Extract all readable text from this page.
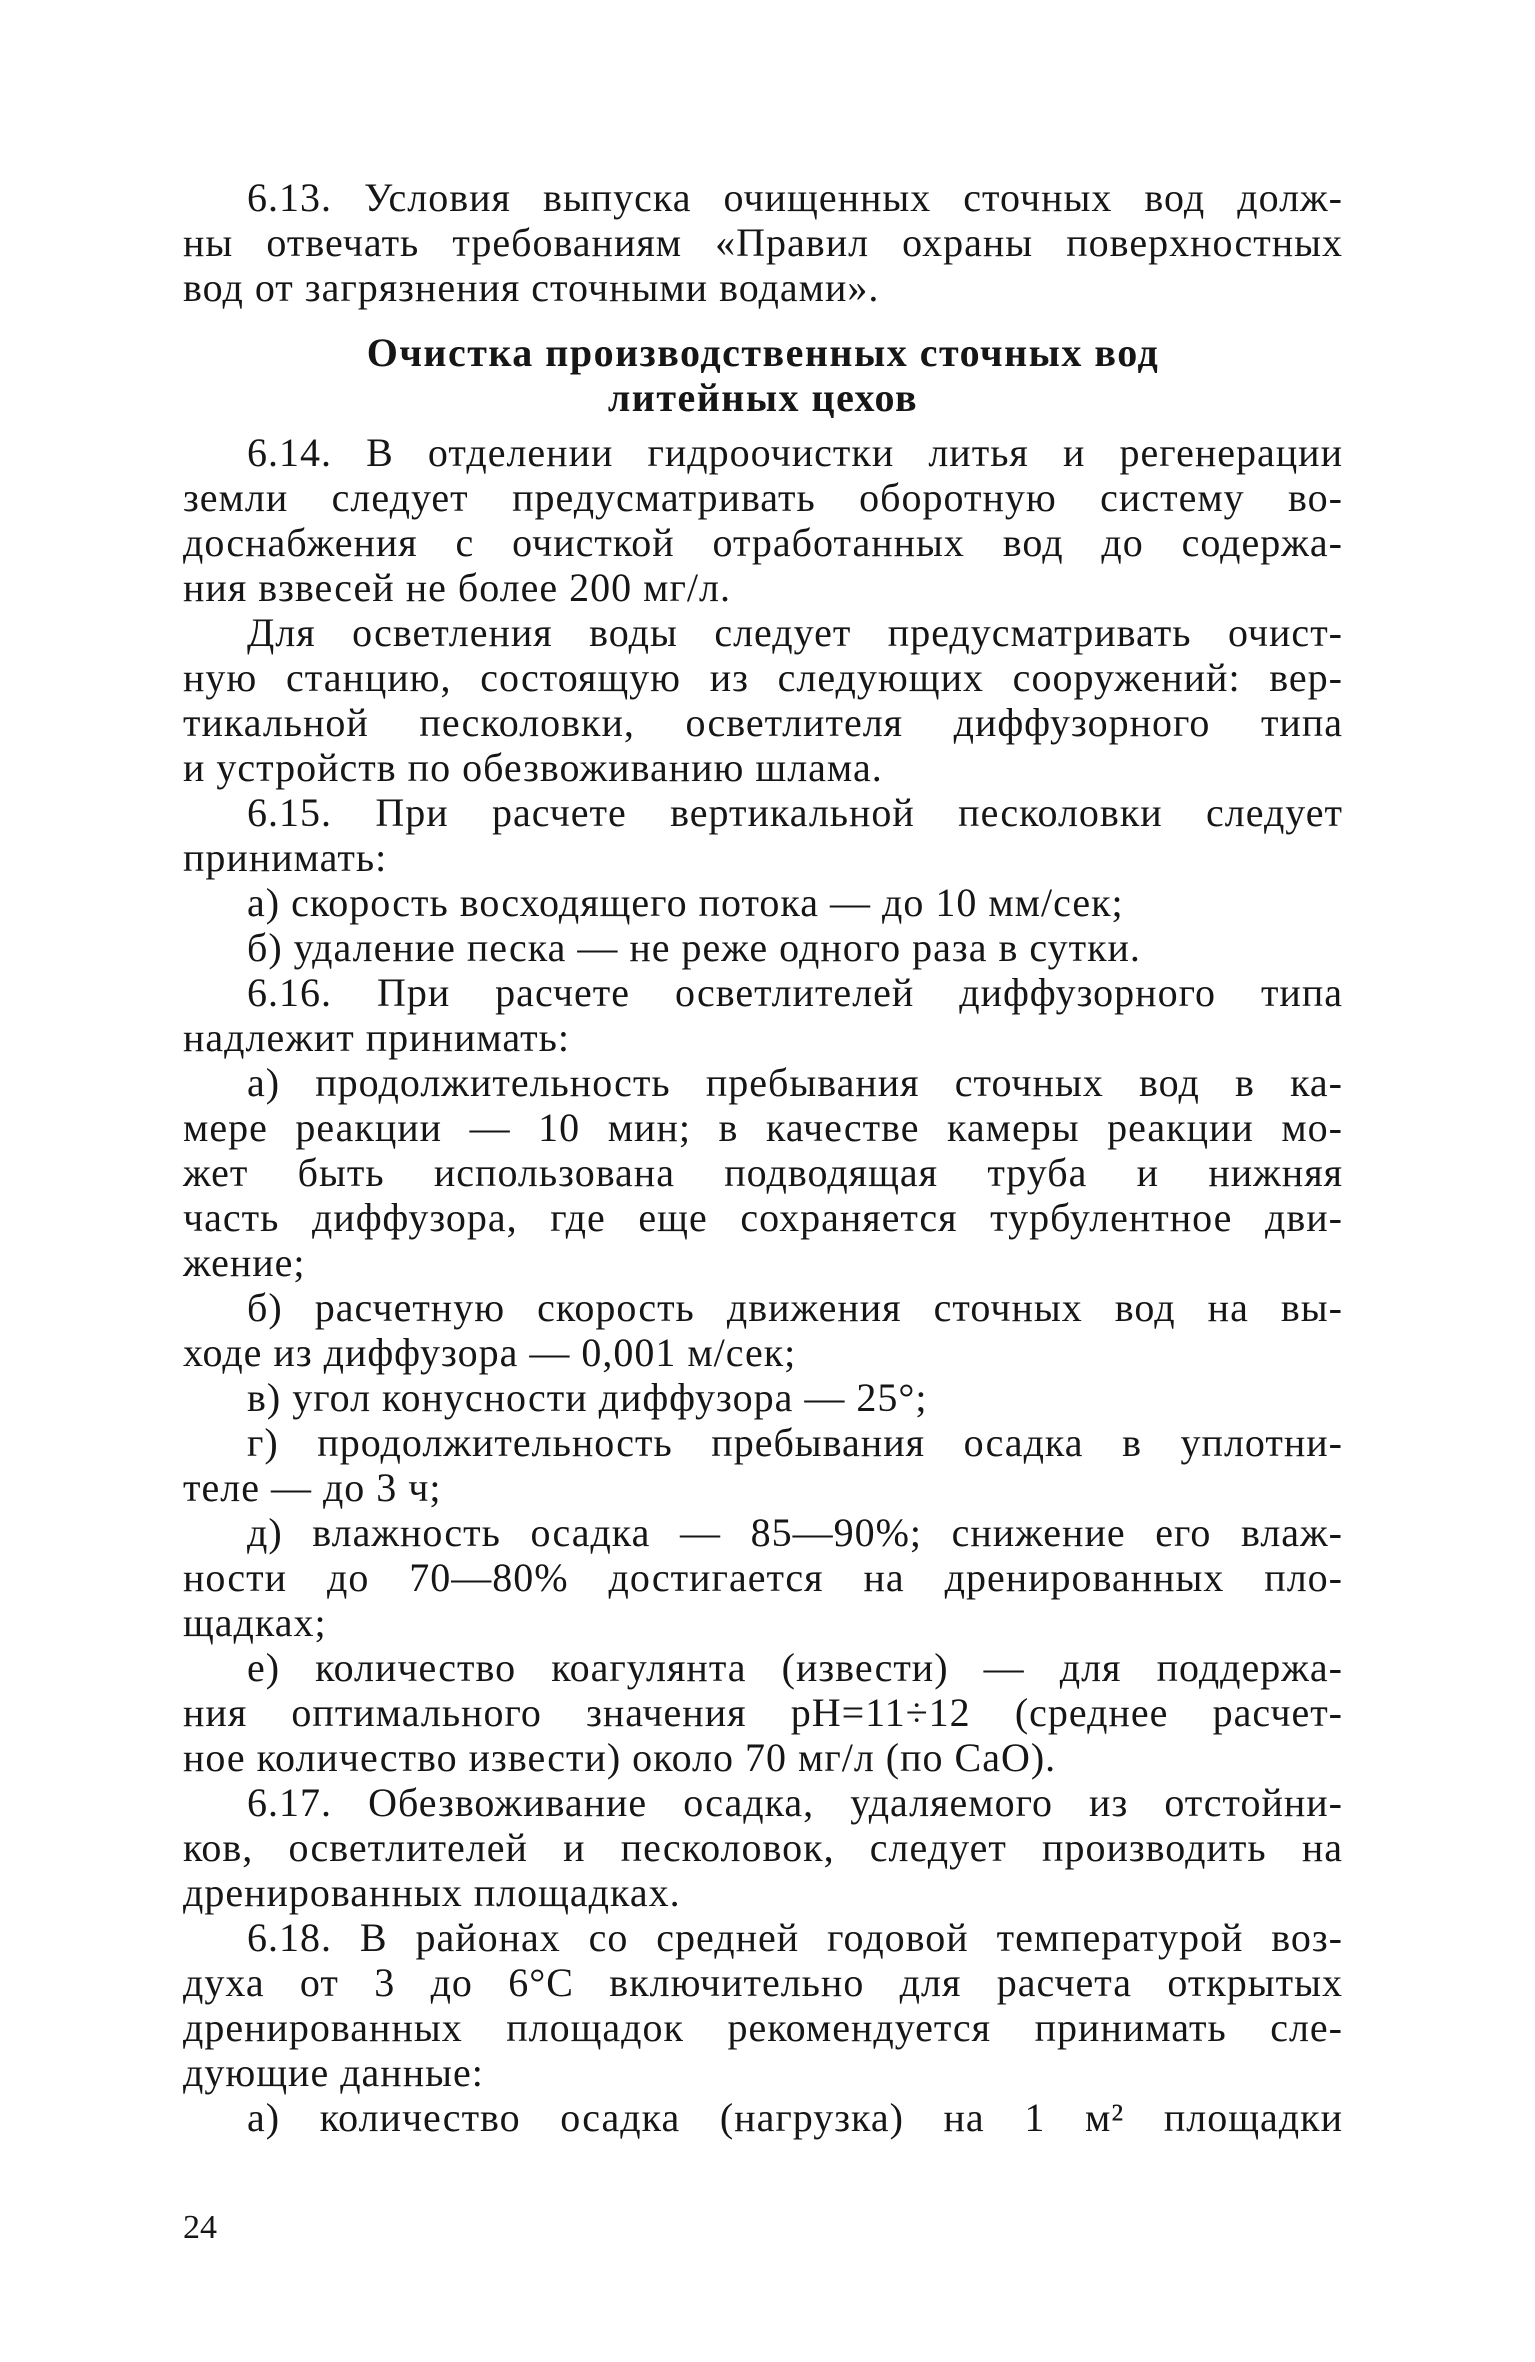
6.13. Условия выпуска очищенных сточных вод долж-
ны отвечать требованиям «Правил охраны поверхностных
вод от загрязнения сточными водами».
Очистка производственных сточных вод
литейных цехов
6.14. В отделении гидроочистки литья и регенерации
земли следует предусматривать оборотную систему во-
доснабжения с очисткой отработанных вод до содержа-
ния взвесей не более 200 мг/л.
Для осветления воды следует предусматривать очист-
ную станцию, состоящую из следующих сооружений: вер-
тикальной песколовки, осветлителя диффузорного типа
и устройств по обезвоживанию шлама.
6.15. При расчете вертикальной песколовки следует
принимать:
а) скорость восходящего потока — до 10 мм/сек;
б) удаление песка — не реже одного раза в сутки.
6.16. При расчете осветлителей диффузорного типа
надлежит принимать:
а) продолжительность пребывания сточных вод в ка-
мере реакции — 10 мин; в качестве камеры реакции мо-
жет быть использована подводящая труба и нижняя
часть диффузора, где еще сохраняется турбулентное дви-
жение;
б) расчетную скорость движения сточных вод на вы-
ходе из диффузора — 0,001 м/сек;
в) угол конусности диффузора — 25°;
г) продолжительность пребывания осадка в уплотни-
теле — до 3 ч;
д) влажность осадка — 85—90%; снижение его влаж-
ности до 70—80% достигается на дренированных пло-
щадках;
е) количество коагулянта (извести) — для поддержа-
ния оптимального значения рН=11÷12 (среднее расчет-
ное количество извести) около 70 мг/л (по СаО).
6.17. Обезвоживание осадка, удаляемого из отстойни-
ков, осветлителей и песколовок, следует производить на
дренированных площадках.
6.18. В районах со средней годовой температурой воз-
духа от 3 до 6°С включительно для расчета открытых
дренированных площадок рекомендуется принимать сле-
дующие данные:
а) количество осадка (нагрузка) на 1 м² площадки
24
